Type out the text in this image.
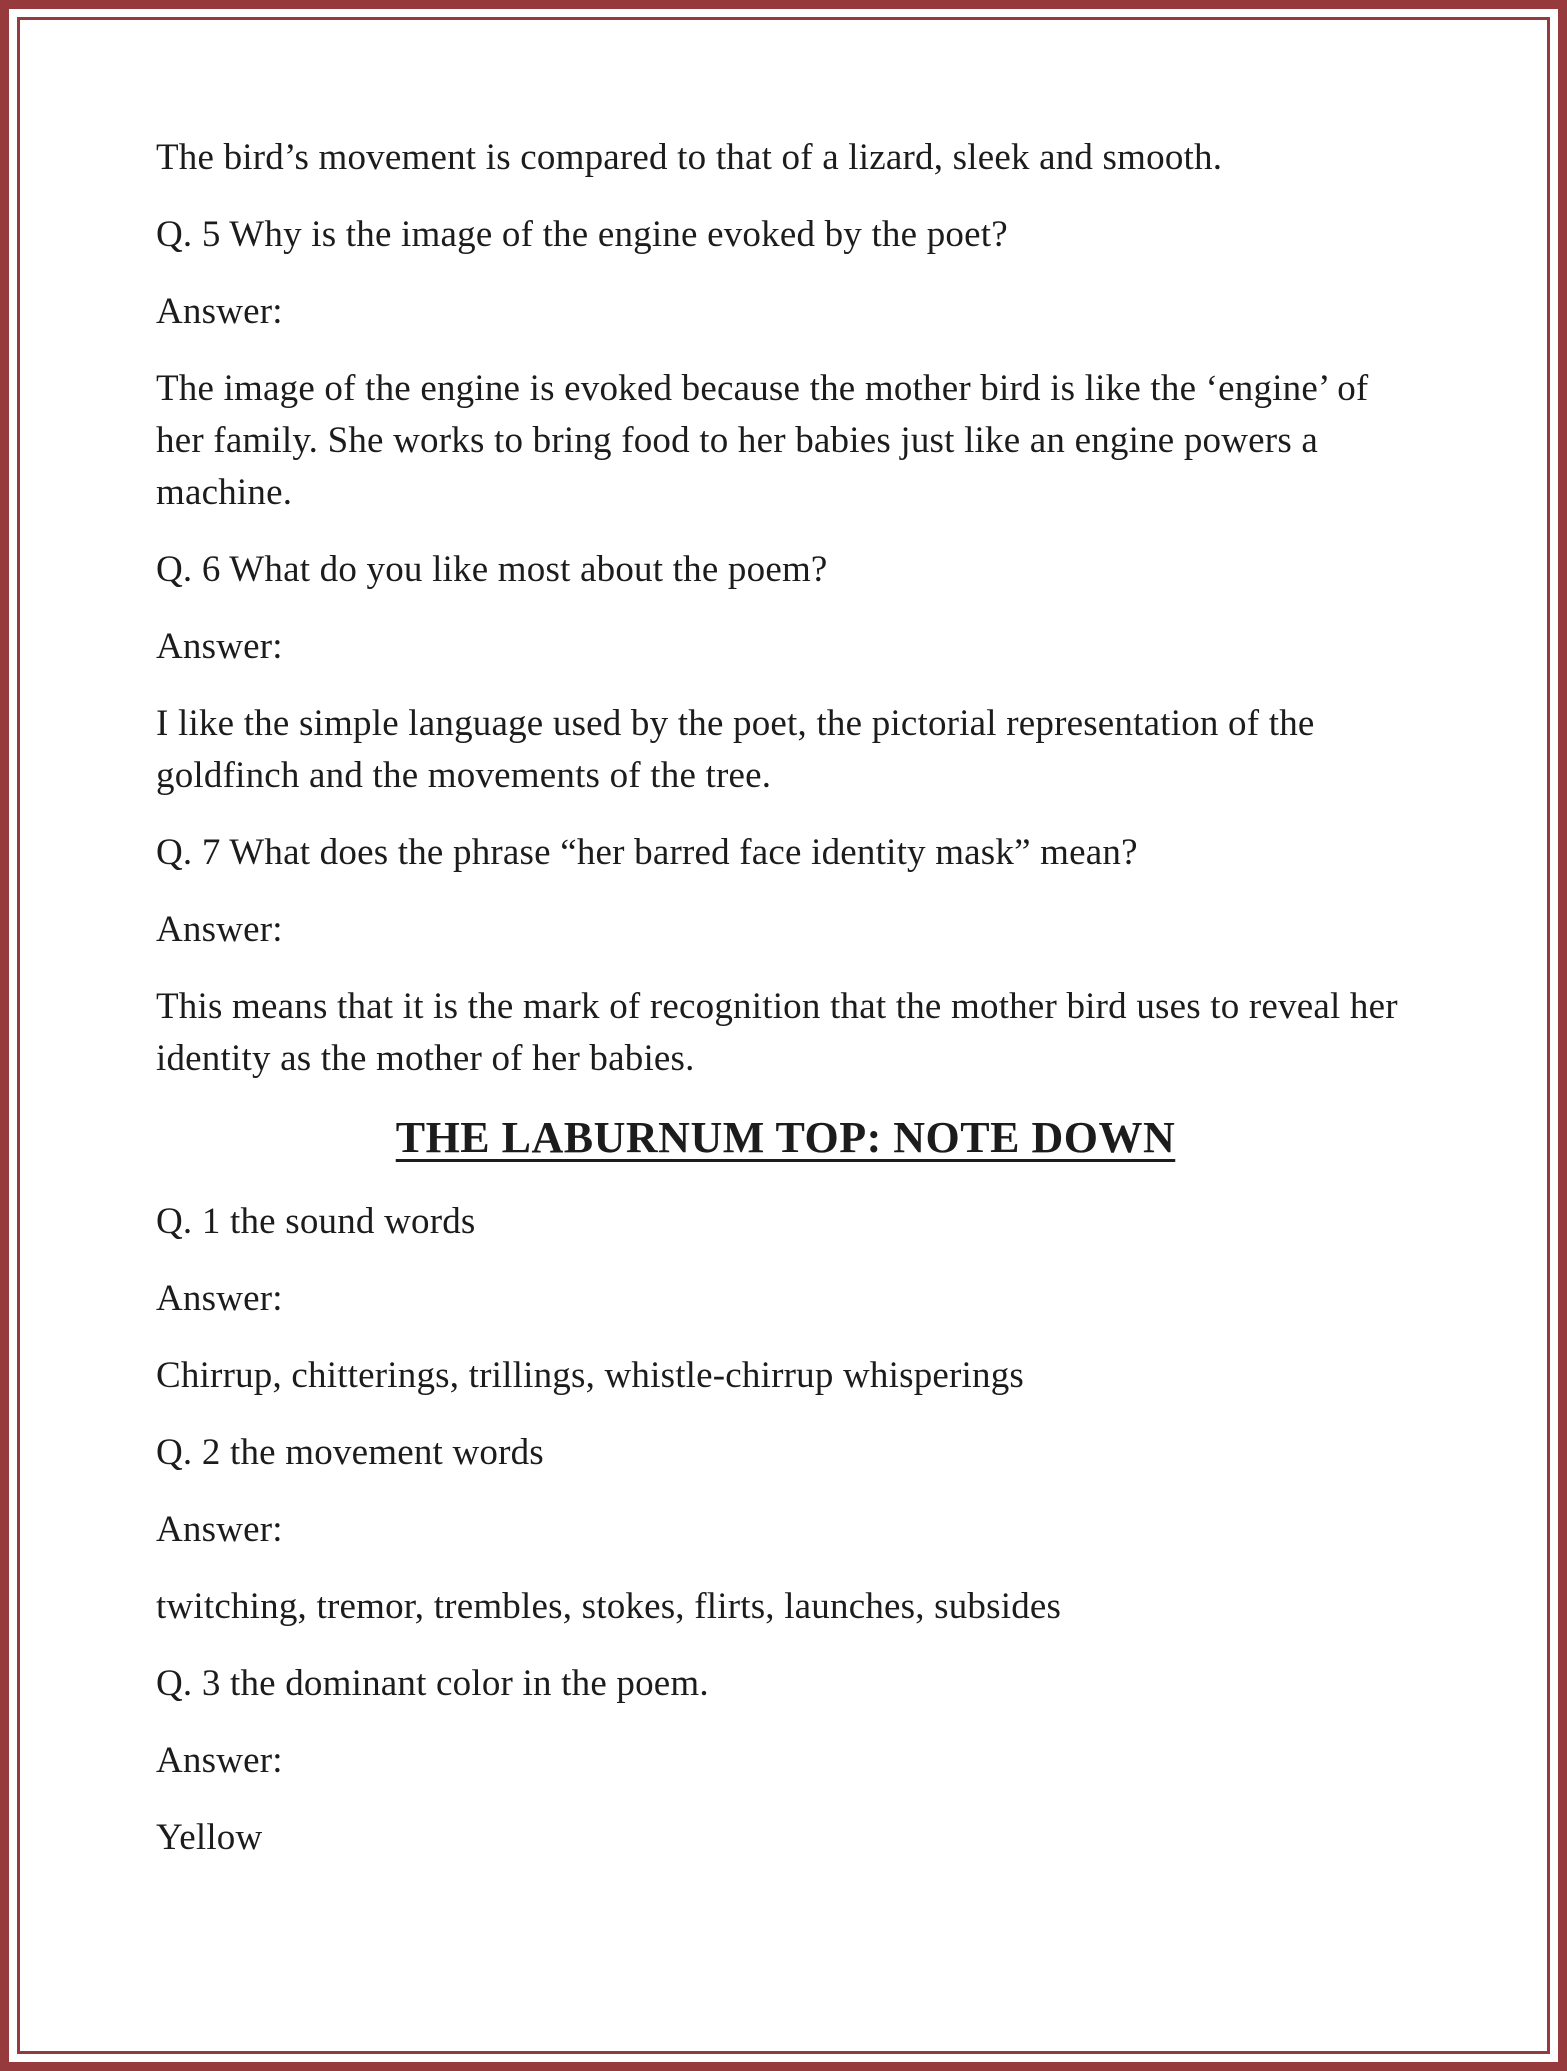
The bird’s movement is compared to that of a lizard, sleek and smooth.

Q. 5 Why is the image of the engine evoked by the poet?

Answer:

The image of the engine is evoked because the mother bird is like the ‘engine’ of her family. She works to bring food to her babies just like an engine powers a machine.

Q. 6 What do you like most about the poem?

Answer:

I like the simple language used by the poet, the pictorial representation of the goldfinch and the movements of the tree.

Q. 7 What does the phrase “her barred face identity mask” mean?

Answer:

This means that it is the mark of recognition that the mother bird uses to reveal her identity as the mother of her babies.

THE LABURNUM TOP: NOTE DOWN

Q. 1 the sound words

Answer:

Chirrup, chitterings, trillings, whistle-chirrup whisperings

Q. 2 the movement words

Answer:

twitching, tremor, trembles, stokes, flirts, launches, subsides

Q. 3 the dominant color in the poem.

Answer:

Yellow
